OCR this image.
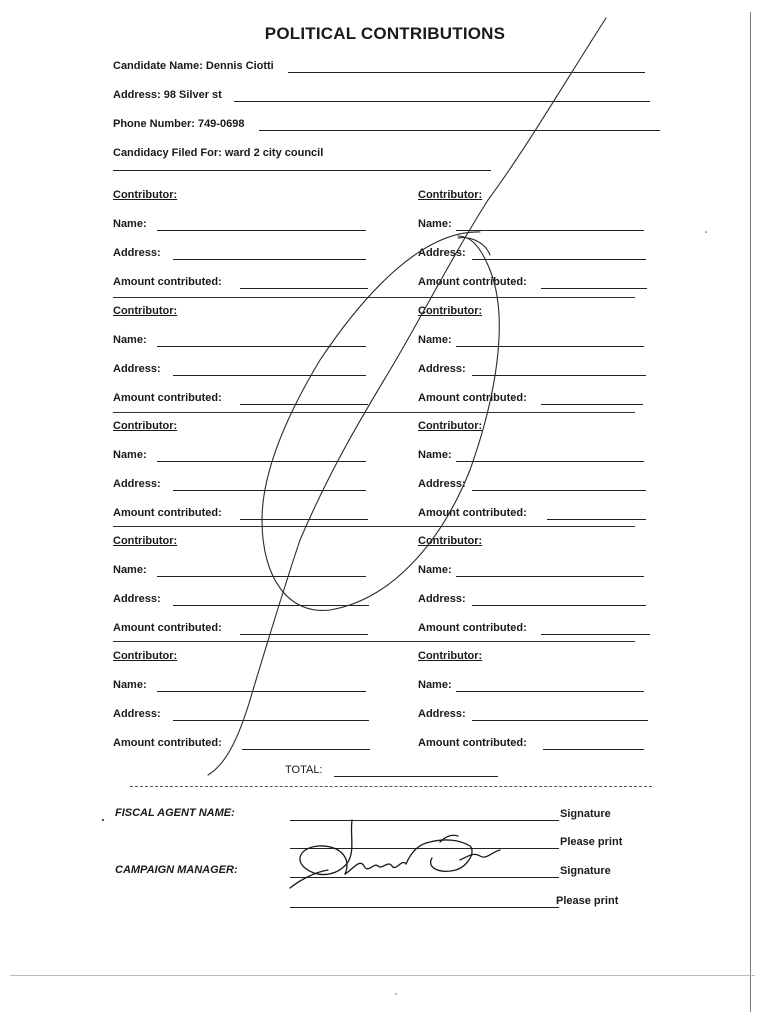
POLITICAL CONTRIBUTIONS
Candidate Name: Dennis Ciotti
Address: 98 Silver st
Phone Number: 749-0698
Candidacy Filed For: ward 2 city council
Contributor:
Name:
Address:
Amount contributed:
Contributor:
Name:
Address:
Amount contributed:
Contributor:
Name:
Address:
Amount contributed:
Contributor:
Name:
Address:
Amount contributed:
Contributor:
Name:
Address:
Amount contributed:
Contributor:
Name:
Address:
Amount contributed:
Contributor:
Name:
Address:
Amount contributed:
Contributor:
Name:
Address:
Amount contributed:
Contributor:
Name:
Address:
Amount contributed:
Contributor:
Name:
Address:
Amount contributed:
TOTAL:
FISCAL AGENT NAME:	Signature
Please print
CAMPAIGN MANAGER:	Signature
Please print
